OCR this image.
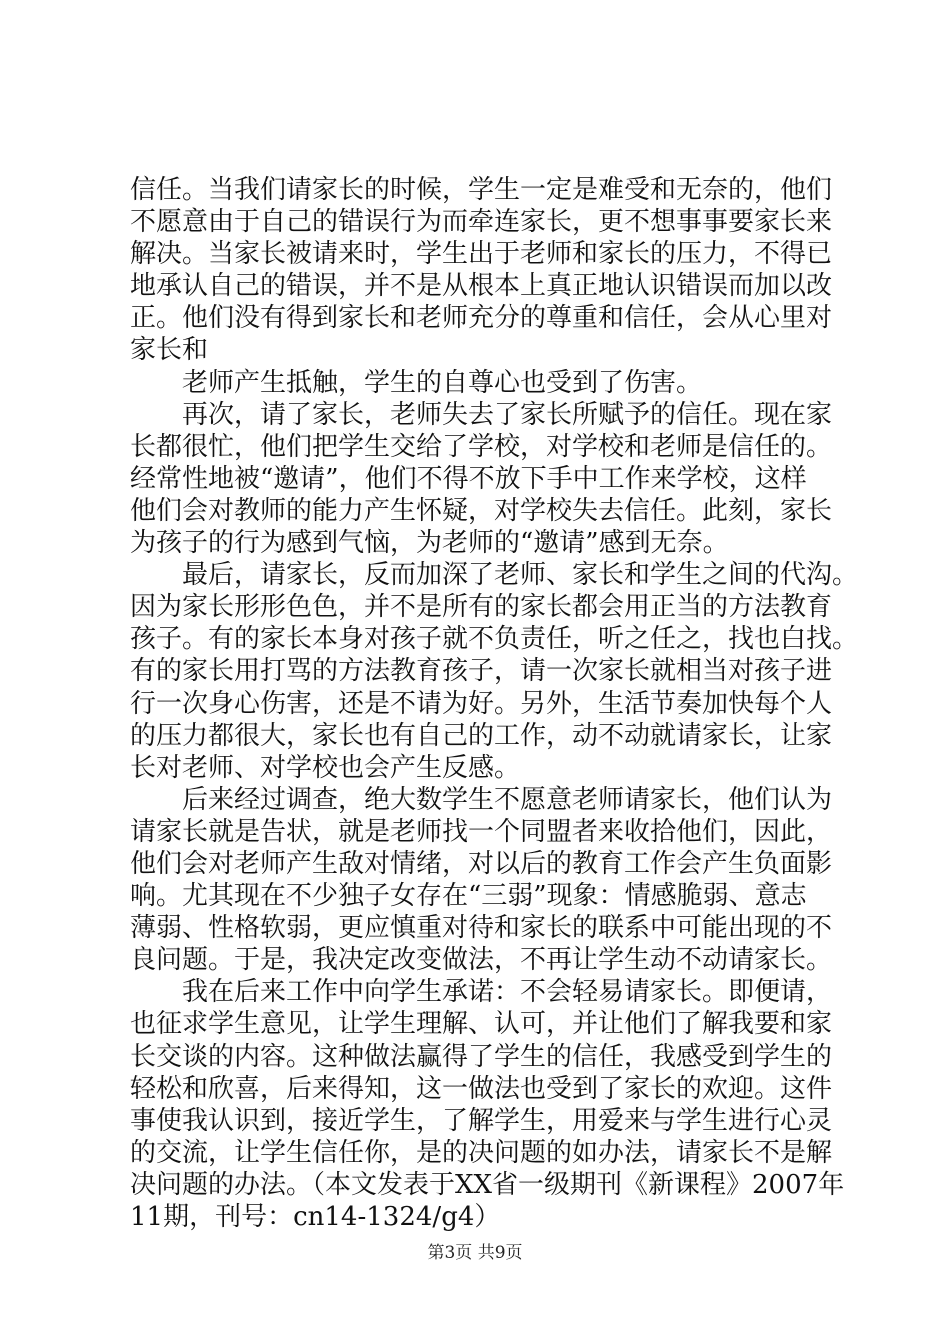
信任。当我们请家长的时候，学生一定是难受和无奈的，他们
不愿意由于自己的错误行为而牵连家长，更不想事事要家长来
解决。当家长被请来时，学生出于老师和家长的压力，不得已
地承认自己的错误，并不是从根本上真正地认识错误而加以改
正。他们没有得到家长和老师充分的尊重和信任，会从心里对
家长和
老师产生抵触，学生的自尊心也受到了伤害。
再次，请了家长，老师失去了家长所赋予的信任。现在家
长都很忙，他们把学生交给了学校，对学校和老师是信任的。
经常性地被“邀请”，他们不得不放下手中工作来学校，这样
他们会对教师的能力产生怀疑，对学校失去信任。此刻，家长
为孩子的行为感到气恼，为老师的“邀请”感到无奈。
最后，请家长，反而加深了老师、家长和学生之间的代沟。
因为家长形形色色，并不是所有的家长都会用正当的方法教育
孩子。有的家长本身对孩子就不负责任，听之任之，找也白找。
有的家长用打骂的方法教育孩子，请一次家长就相当对孩子进
行一次身心伤害，还是不请为好。另外，生活节奏加快每个人
的压力都很大，家长也有自己的工作，动不动就请家长，让家
长对老师、对学校也会产生反感。
后来经过调查，绝大数学生不愿意老师请家长，他们认为
请家长就是告状，就是老师找一个同盟者来收拾他们，因此，
他们会对老师产生敌对情绪，对以后的教育工作会产生负面影
响。尤其现在不少独子女存在“三弱”现象：情感脆弱、意志
薄弱、性格软弱，更应慎重对待和家长的联系中可能出现的不
良问题。于是，我决定改变做法，不再让学生动不动请家长。
我在后来工作中向学生承诺：不会轻易请家长。即便请，
也征求学生意见，让学生理解、认可，并让他们了解我要和家
长交谈的内容。这种做法赢得了学生的信任，我感受到学生的
轻松和欣喜，后来得知，这一做法也受到了家长的欢迎。这件
事使我认识到，接近学生，了解学生，用爱来与学生进行心灵
的交流，让学生信任你，是的决问题的如办法，请家长不是解
决问题的办法。（本文发表于XX省一级期刊《新课程》2007年
11期，刊号：cn14-1324/g4）
第3页 共9页
